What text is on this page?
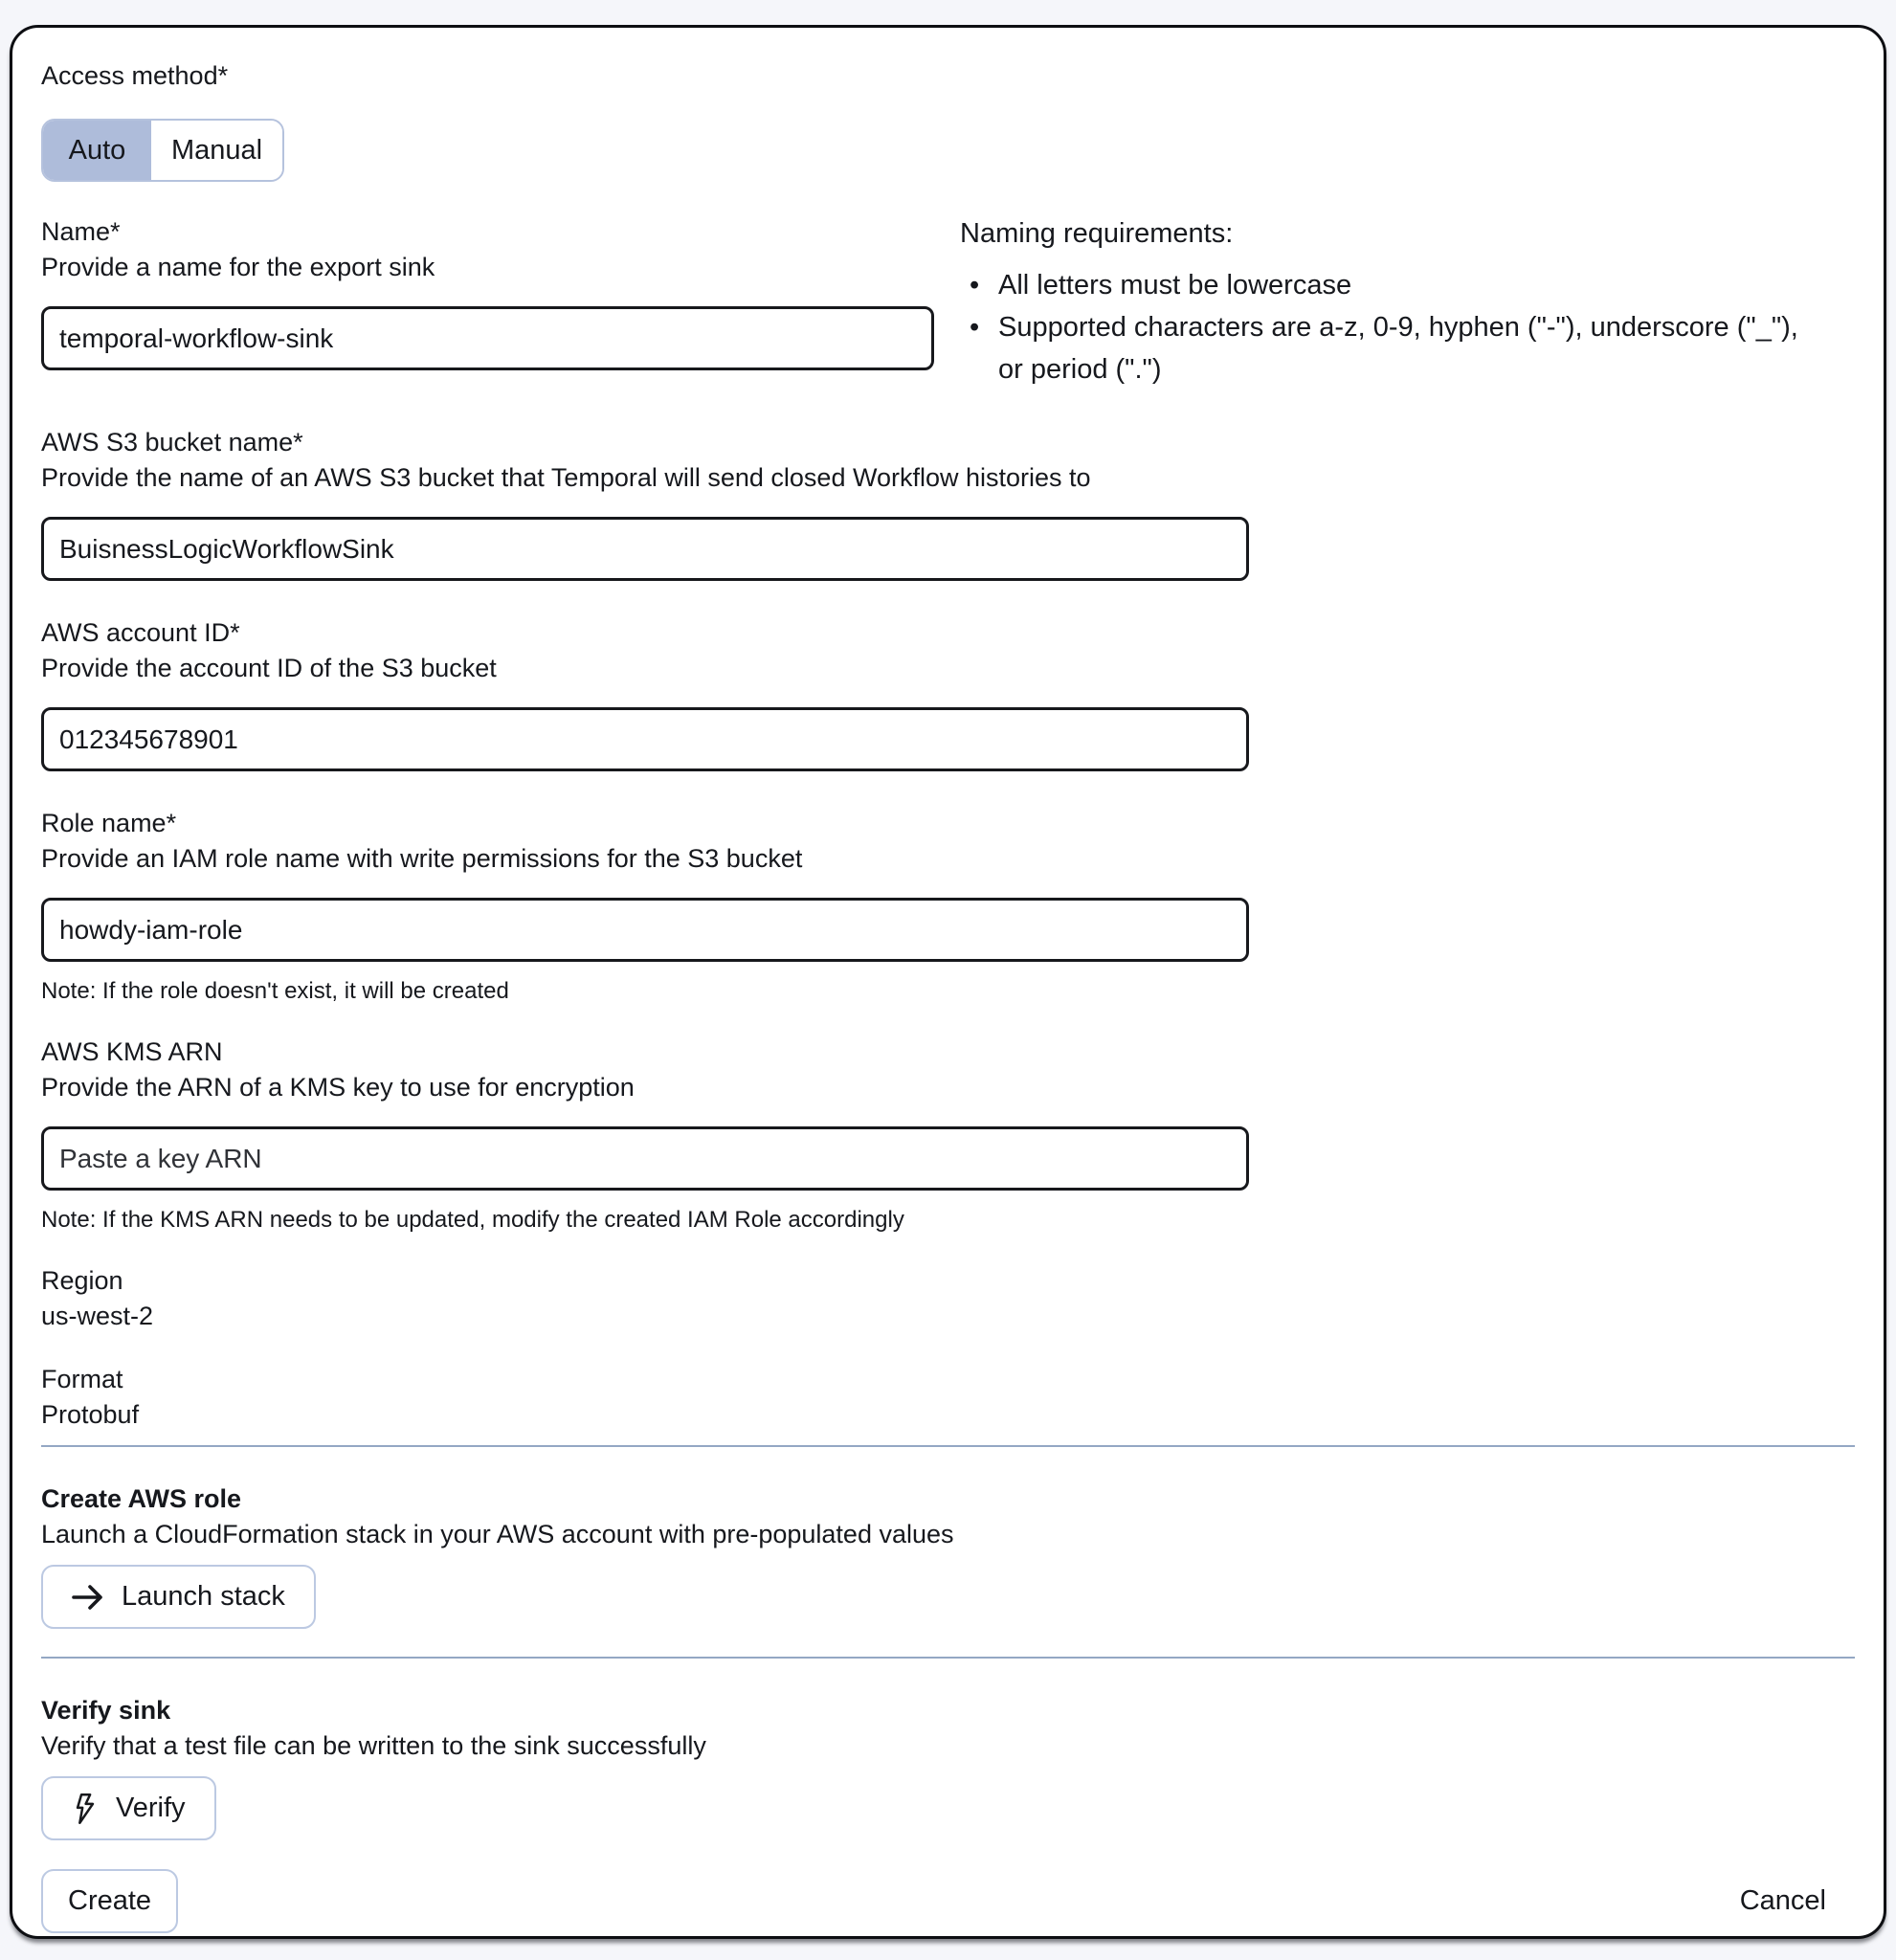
Access method*
Auto Manual
Name*
Provide a name for the export sink
temporal-workflow-sink
Naming requirements:
• All letters must be lowercase
• Supported characters are a-z, 0-9, hyphen ("-"), underscore ("_"), or period (".")
AWS S3 bucket name*
Provide the name of an AWS S3 bucket that Temporal will send closed Workflow histories to
BuisnessLogicWorkflowSink
AWS account ID*
Provide the account ID of the S3 bucket
012345678901
Role name*
Provide an IAM role name with write permissions for the S3 bucket
howdy-iam-role
Note: If the role doesn't exist, it will be created
AWS KMS ARN
Provide the ARN of a KMS key to use for encryption
Paste a key ARN
Note: If the KMS ARN needs to be updated, modify the created IAM Role accordingly
Region
us-west-2
Format
Protobuf
Create AWS role
Launch a CloudFormation stack in your AWS account with pre-populated values
Launch stack
Verify sink
Verify that a test file can be written to the sink successfully
Verify
Create	Cancel
